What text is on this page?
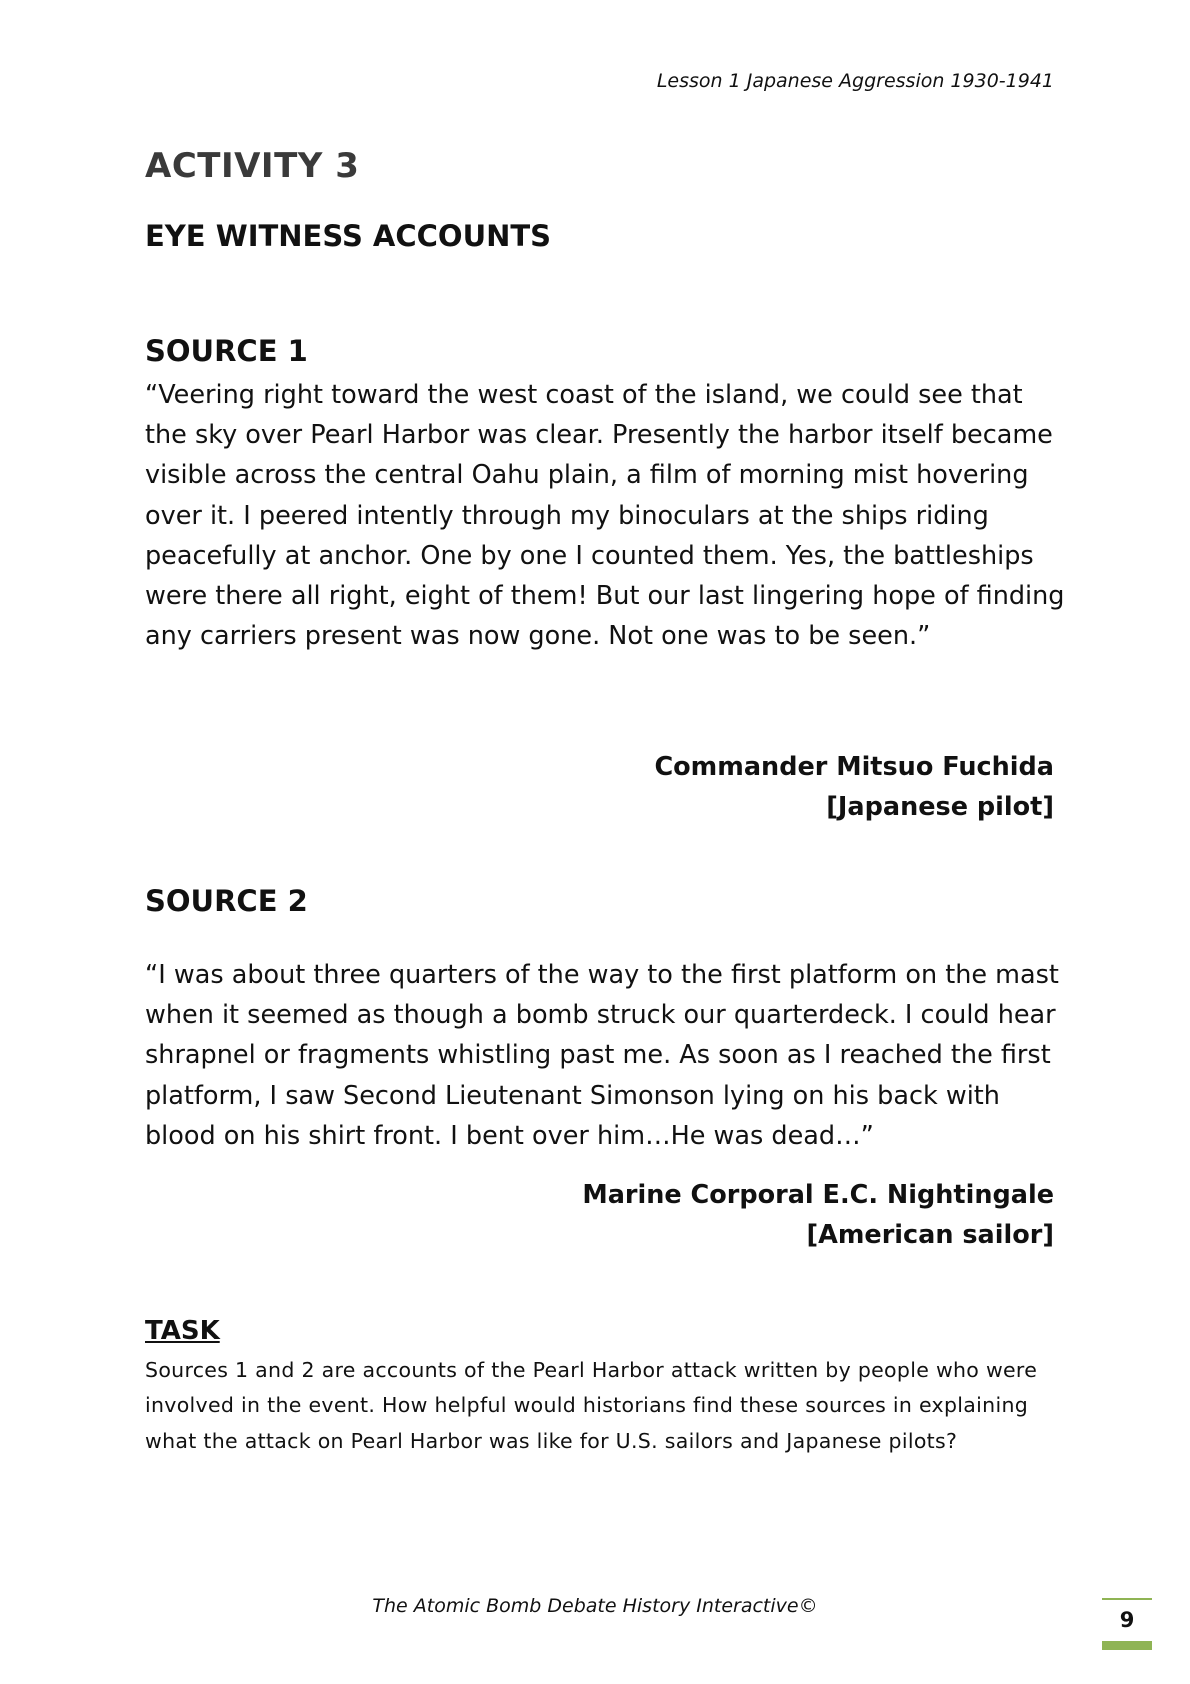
Lesson 1 Japanese Aggression 1930-1941
ACTIVITY 3
EYE WITNESS ACCOUNTS
SOURCE 1
“Veering right toward the west coast of the island, we could see that the sky over Pearl Harbor was clear. Presently the harbor itself became visible across the central Oahu plain, a film of morning mist hovering over it. I peered intently through my binoculars at the ships riding peacefully at anchor. One by one I counted them. Yes, the battleships were there all right, eight of them! But our last lingering hope of finding any carriers present was now gone. Not one was to be seen.”
Commander Mitsuo Fuchida
[Japanese pilot]
SOURCE 2
“I was about three quarters of the way to the first platform on the mast when it seemed as though a bomb struck our quarterdeck. I could hear shrapnel or fragments whistling past me. As soon as I reached the first platform, I saw Second Lieutenant Simonson lying on his back with blood on his shirt front. I bent over him…He was dead…”
Marine Corporal E.C. Nightingale
[American sailor]
TASK
Sources 1 and 2 are accounts of the Pearl Harbor attack written by people who were involved in the event. How helpful would historians find these sources in explaining what the attack on Pearl Harbor was like for U.S. sailors and Japanese pilots?
The Atomic Bomb Debate History Interactive©
9
